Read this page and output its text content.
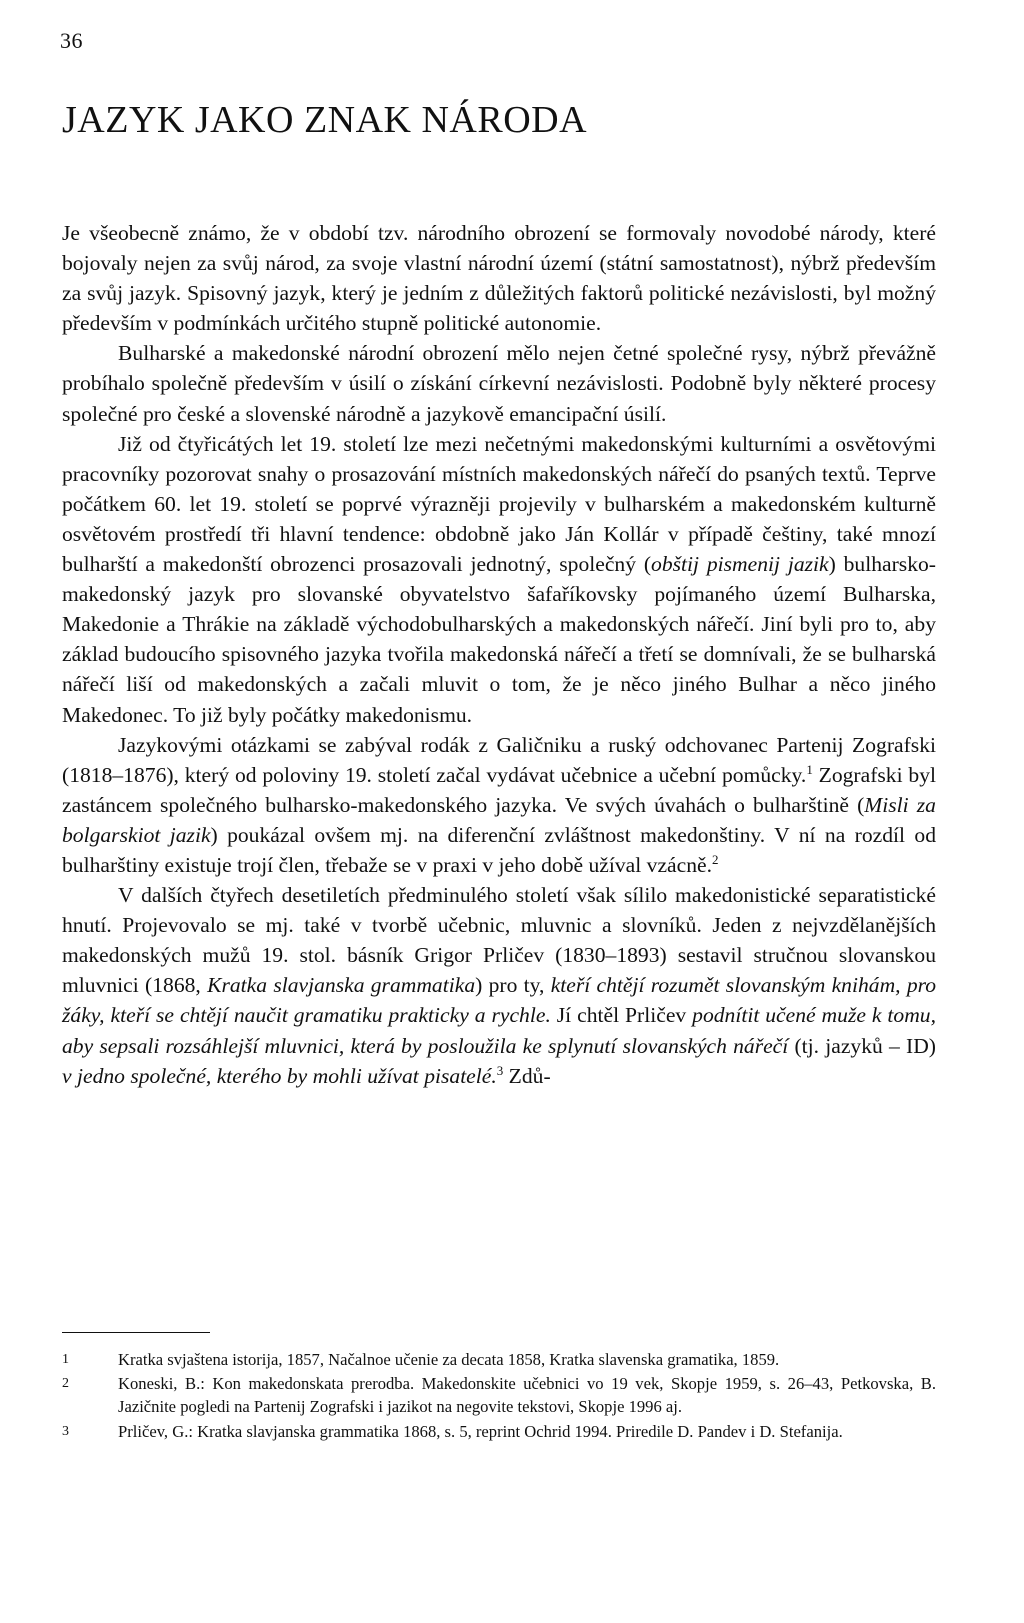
36
JAZYK JAKO ZNAK NÁRODA

Je všeobecně známo, že v období tzv. národního obrození se formovaly novodobé národy, které bojovaly nejen za svůj národ, za svoje vlastní národní území (státní samostatnost), nýbrž především za svůj jazyk. Spisovný jazyk, který je jedním z důležitých faktorů politické nezávislosti, byl možný především v podmínkách určitého stupně politické autonomie.

Bulharské a makedonské národní obrození mělo nejen četné společné rysy, nýbrž převážně probíhalo společně především v úsilí o získání církevní nezávislosti. Podobně byly některé procesy společné pro české a slovenské národně a jazykově emancipační úsilí.

Již od čtyřicátých let 19. století lze mezi nečetnými makedonskými kulturními a osvětovými pracovníky pozorovat snahy o prosazování místních makedonských nářečí do psaných textů. Teprve počátkem 60. let 19. století se poprvé výrazněji projevily v bulharském a makedonském kulturně osvětovém prostředí tři hlavní tendence: obdobně jako Ján Kollár v případě češtiny, také mnozí bulharští a makedonští obrozenci prosazovali jednotný, společný (obštij pismenij jazik) bulharsko-makedonský jazyk pro slovanské obyvatelstvo šafaříkovsky pojímaného území Bulharska, Makedonie a Thrákie na základě východobulharských a makedonských nářečí. Jiní byli pro to, aby základ budoucího spisovného jazyka tvořila makedonská nářečí a třetí se domnívali, že se bulharská nářečí liší od makedonských a začali mluvit o tom, že je něco jiného Bulhar a něco jiného Makedonec. To již byly počátky makedonismu.

Jazykovými otázkami se zabýval rodák z Galičniku a ruský odchovanec Partenij Zografski (1818–1876), který od poloviny 19. století začal vydávat učebnice a učební pomůcky.$^1$ Zografski byl zastáncem společného bulharsko-makedonského jazyka. Ve svých úvahách o bulharštině (Misli za bolgarskiot jazik) poukázal ovšem mj. na diferenční zvláštnost makedonštiny. V ní na rozdíl od bulharštiny existuje trojí člen, třebaže se v praxi v jeho době užíval vzácně.$^2$

V dalších čtyřech desetiletích předminulého století však sílilo makedonistické separatistické hnutí. Projevovalo se mj. také v tvorbě učebnic, mluvnic a slovníků. Jeden z nejvzdělanějších makedonských mužů 19. stol. básník Grigor Prličev (1830–1893) sestavil stručnou slovanskou mluvnici (1868, Kratka slavjanska grammatika) pro ty, kteří chtějí rozumět slovanským knihám, pro žáky, kteří se chtějí naučit gramatiku prakticky a rychle. Jí chtěl Prličev podnítit učené muže k tomu, aby sepsali rozsáhlejší mluvnici, která by posloužila ke splynutí slovanských nářečí (tj. jazyků – ID) v jedno společné, kterého by mohli užívat pisatelé.$^3$ Zdů-

1	Kratka svjaštena istorija, 1857, Načalnoe učenie za decata 1858, Kratka slavenska gramatika, 1859.
2	Koneski, B.: Kon makedonskata prerodba. Makedonskite učebnici vo 19 vek, Skopje 1959, s. 26–43, Petkovska, B. Jazičnite pogledi na Partenij Zografski i jazikot na negovite tekstovi, Skopje 1996 aj.
3	Prličev, G.: Kratka slavjanska grammatika 1868, s. 5, reprint Ochrid 1994. Priredile D. Pandev i D. Stefanija.
